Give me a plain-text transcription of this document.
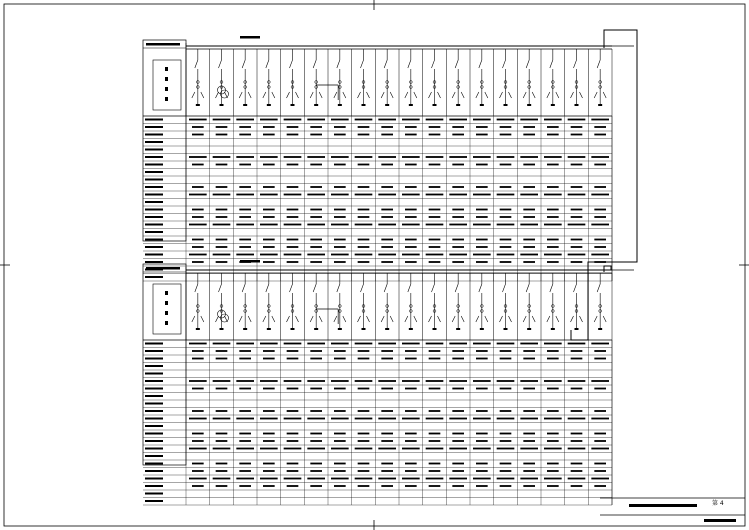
第 4
